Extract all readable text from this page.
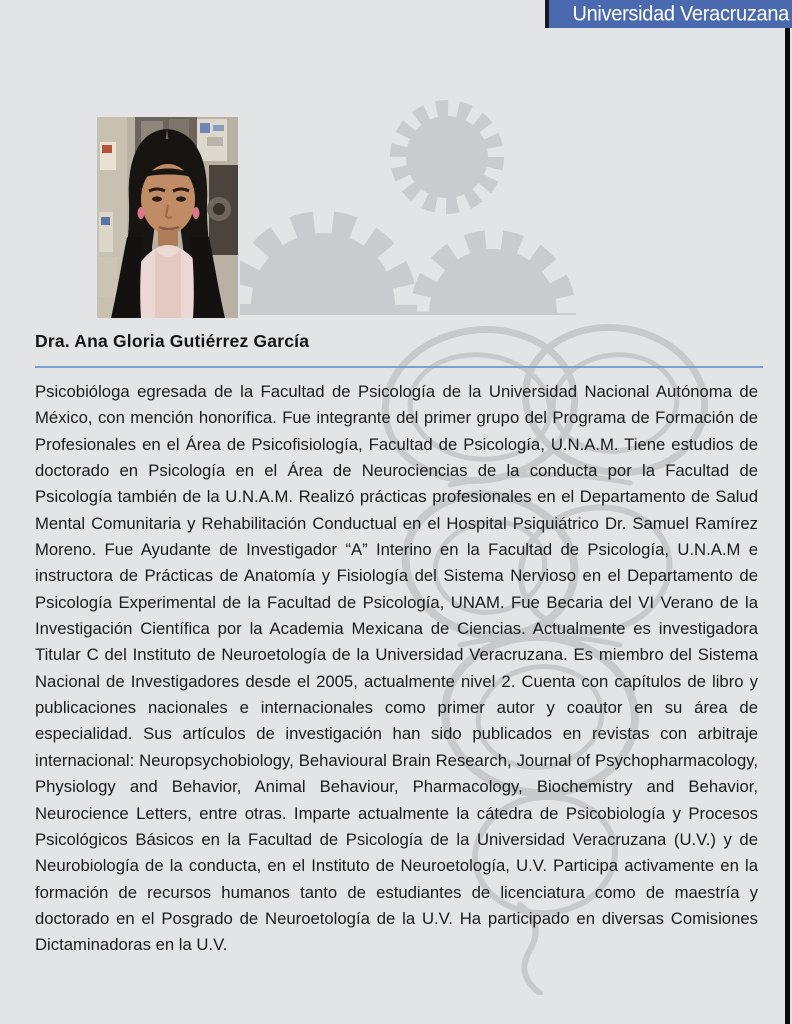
Universidad Veracruzana
Dra. Ana Gloria Gutiérrez García

Psicobióloga egresada de la Facultad de Psicología de la Universidad Nacional Autónoma de México, con mención honorífica. Fue integrante del primer grupo del Programa de Formación de Profesionales en el Área de Psicofisiología, Facultad de Psicología, U.N.A.M. Tiene estudios de doctorado en Psicología en el Área de Neurociencias de la conducta por la Facultad de Psicología también de la U.N.A.M. Realizó prácticas profesionales en el Departamento de Salud Mental Comunitaria y Rehabilitación Conductual en el Hospital Psiquiátrico Dr. Samuel Ramírez Moreno. Fue Ayudante de Investigador “A” Interino en la Facultad de Psicología, U.N.A.M e instructora de Prácticas de Anatomía y Fisiología del Sistema Nervioso en el Departamento de Psicología Experimental de la Facultad de Psicología, UNAM. Fue Becaria del VI Verano de la Investigación Científica por la Academia Mexicana de Ciencias. Actualmente es investigadora Titular C del Instituto de Neuroetología de la Universidad Veracruzana. Es miembro del Sistema Nacional de Investigadores desde el 2005, actualmente nivel 2. Cuenta con capítulos de libro y publicaciones nacionales e internacionales como primer autor y coautor en su área de especialidad. Sus artículos de investigación han sido publicados en revistas con arbitraje internacional: Neuropsychobiology, Behavioural Brain Research, Journal of Psychopharmacology, Physiology and Behavior, Animal Behaviour, Pharmacology, Biochemistry and Behavior, Neurocience Letters, entre otras. Imparte actualmente la cátedra de Psicobiología y Procesos Psicológicos Básicos en la Facultad de Psicología de la Universidad Veracruzana (U.V.) y de Neurobiología de la conducta, en el Instituto de Neuroetología, U.V. Participa activamente en la formación de recursos humanos tanto de estudiantes de licenciatura como de maestría y doctorado en el Posgrado de Neuroetología de la U.V. Ha participado en diversas Comisiones Dictaminadoras en la U.V.
